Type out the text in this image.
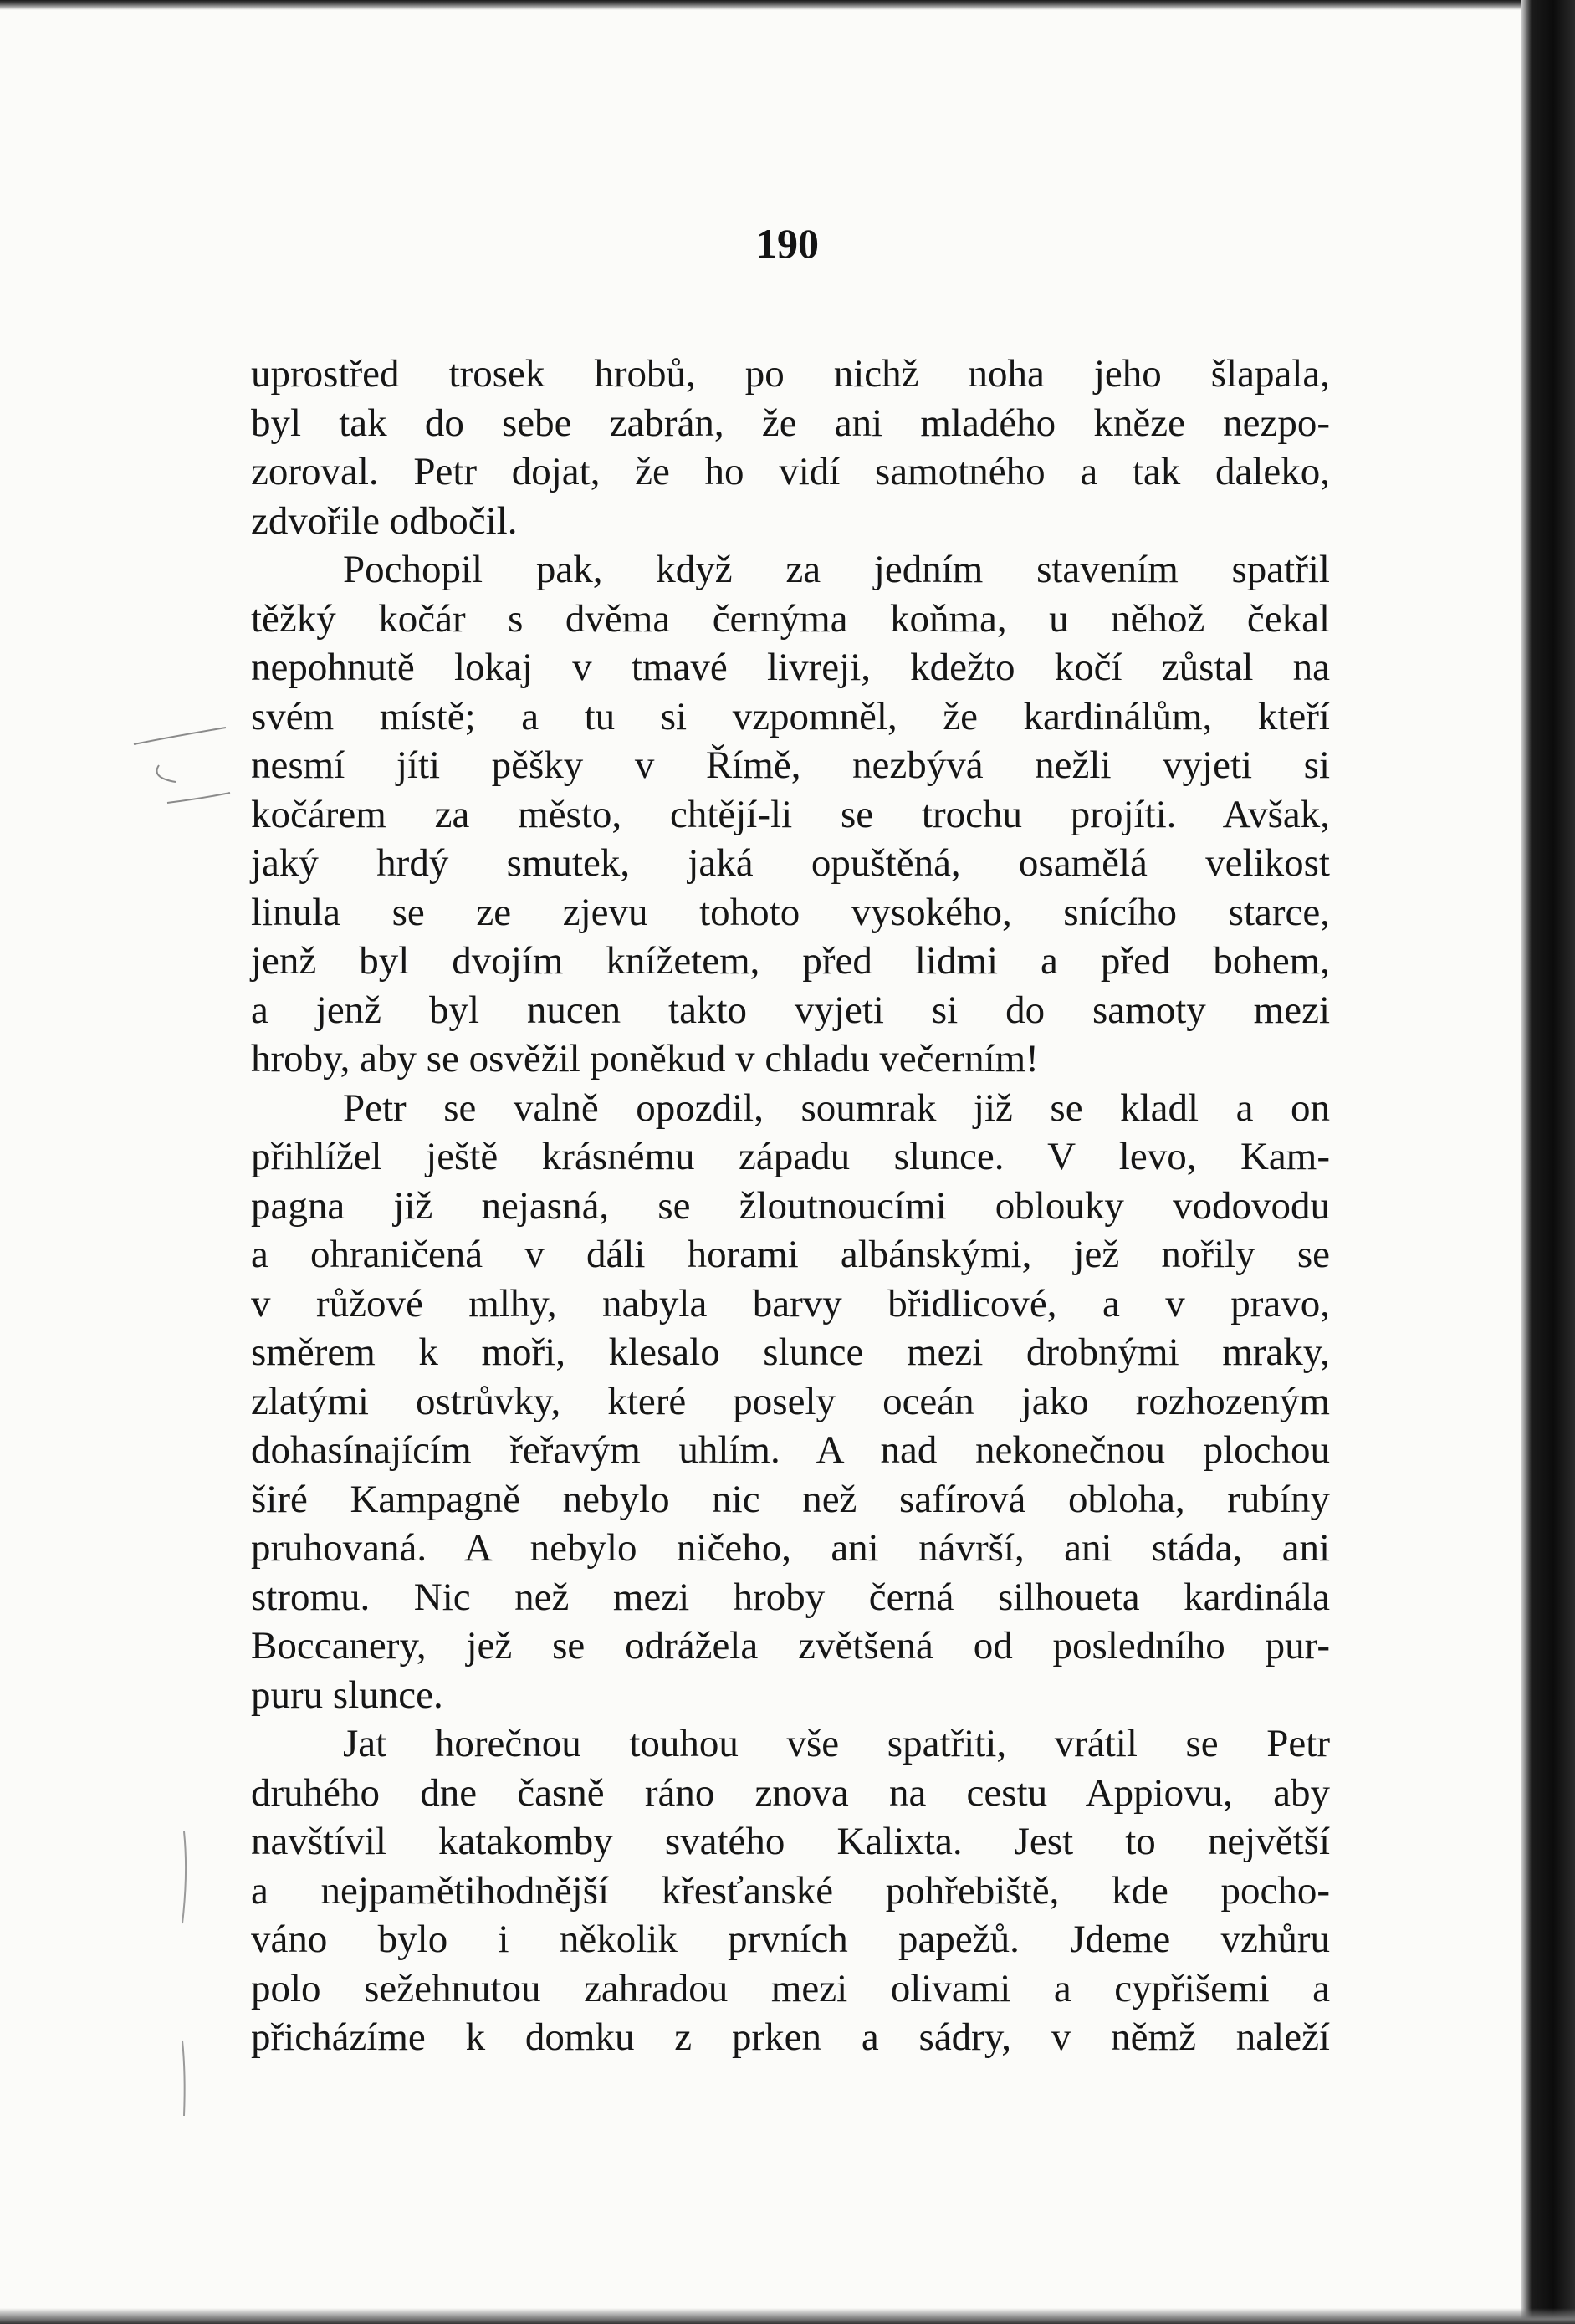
190
uprostřed trosek hrobů, po nichž noha jeho šlapala,
byl tak do sebe zabrán, že ani mladého kněze nezpo-
zoroval. Petr dojat, že ho vidí samotného a tak daleko,
zdvořile odbočil.
Pochopil pak, když za jedním stavením spatřil
těžký kočár s dvěma černýma koňma, u něhož čekal
nepohnutě lokaj v tmavé livreji, kdežto kočí zůstal na
svém místě; a tu si vzpomněl, že kardinálům, kteří
nesmí jíti pěšky v Římě, nezbývá nežli vyjeti si
kočárem za město, chtějí-li se trochu projíti. Avšak,
jaký hrdý smutek, jaká opuštěná, osamělá velikost
linula se ze zjevu tohoto vysokého, snícího starce,
jenž byl dvojím knížetem, před lidmi a před bohem,
a jenž byl nucen takto vyjeti si do samoty mezi
hroby, aby se osvěžil poněkud v chladu večerním!
Petr se valně opozdil, soumrak již se kladl a on
přihlížel ještě krásnému západu slunce. V levo, Kam-
pagna již nejasná, se žloutnoucími oblouky vodovodu
a ohraničená v dáli horami albánskými, jež nořily se
v růžové mlhy, nabyla barvy břidlicové, a v pravo,
směrem k moři, klesalo slunce mezi drobnými mraky,
zlatými ostrůvky, které posely oceán jako rozhozeným
dohasínajícím řeřavým uhlím. A nad nekonečnou plochou
širé Kampagně nebylo nic než safírová obloha, rubíny
pruhovaná. A nebylo ničeho, ani návrší, ani stáda, ani
stromu. Nic než mezi hroby černá silhoueta kardinála
Boccanery, jež se odrážela zvětšená od posledního pur-
puru slunce.
Jat horečnou touhou vše spatřiti, vrátil se Petr
druhého dne časně ráno znova na cestu Appiovu, aby
navštívil katakomby svatého Kalixta. Jest to největší
a nejpamětihodnější křesťanské pohřebiště, kde pocho-
váno bylo i několik prvních papežů. Jdeme vzhůru
polo sežehnutou zahradou mezi olivami a cypřišemi a
přicházíme k domku z prken a sádry, v němž naleží
